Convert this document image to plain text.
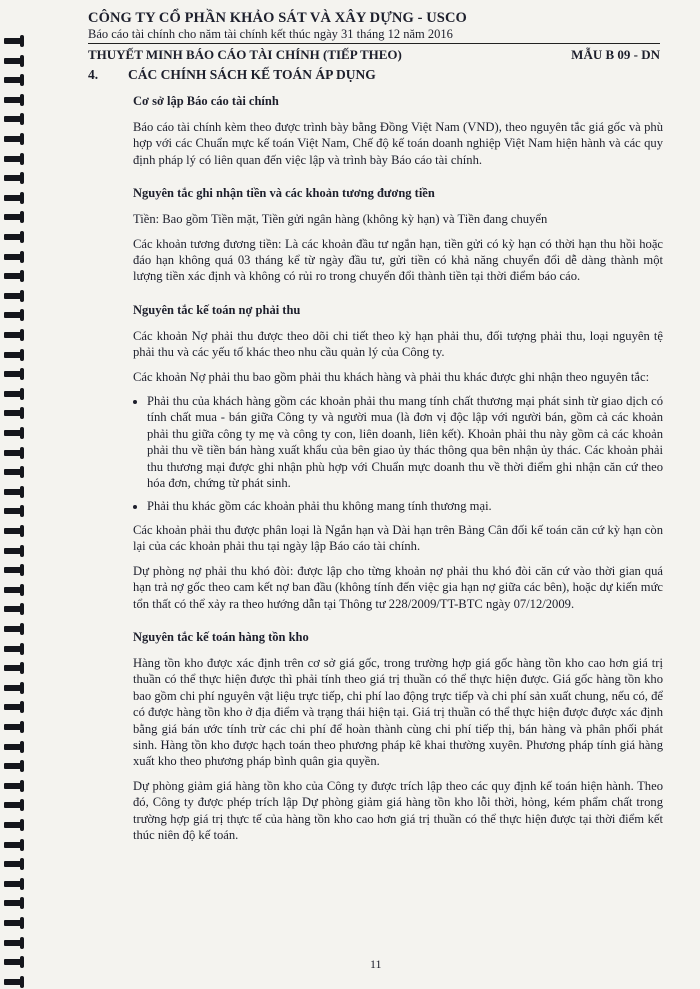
CÔNG TY CỔ PHẦN KHẢO SÁT VÀ XÂY DỰNG - USCO
Báo cáo tài chính cho năm tài chính kết thúc ngày 31 tháng 12 năm 2016
THUYẾT MINH BÁO CÁO TÀI CHÍNH (TIẾP THEO)	MẪU B 09 - DN
4.	CÁC CHÍNH SÁCH KẾ TOÁN ÁP DỤNG
Cơ sở lập Báo cáo tài chính

Báo cáo tài chính kèm theo được trình bày bằng Đồng Việt Nam (VND), theo nguyên tắc giá gốc và phù hợp với các Chuẩn mực kế toán Việt Nam, Chế độ kế toán doanh nghiệp Việt Nam hiện hành và các quy định pháp lý có liên quan đến việc lập và trình bày Báo cáo tài chính.

Nguyên tắc ghi nhận tiền và các khoản tương đương tiền

Tiền: Bao gồm Tiền mặt, Tiền gửi ngân hàng (không kỳ hạn) và Tiền đang chuyển

Các khoản tương đương tiền: Là các khoản đầu tư ngắn hạn, tiền gửi có kỳ hạn có thời hạn thu hồi hoặc đáo hạn không quá 03 tháng kể từ ngày đầu tư, gửi tiền có khả năng chuyển đổi dễ dàng thành một lượng tiền xác định và không có rủi ro trong chuyển đổi thành tiền tại thời điểm báo cáo.

Nguyên tắc kế toán nợ phải thu

Các khoản Nợ phải thu được theo dõi chi tiết theo kỳ hạn phải thu, đối tượng phải thu, loại nguyên tệ phải thu và các yếu tố khác theo nhu cầu quản lý của Công ty.

Các khoản Nợ phải thu bao gồm phải thu khách hàng và phải thu khác được ghi nhận theo nguyên tắc:

• Phải thu của khách hàng gồm các khoản phải thu mang tính chất thương mại phát sinh từ giao dịch có tính chất mua - bán giữa Công ty và người mua (là đơn vị độc lập với người bán, gồm cả các khoản phải thu giữa công ty mẹ và công ty con, liên doanh, liên kết). Khoản phải thu này gồm cả các khoản phải thu về tiền bán hàng xuất khẩu của bên giao ủy thác thông qua bên nhận ủy thác. Các khoản phải thu thương mại được ghi nhận phù hợp với Chuẩn mực doanh thu về thời điểm ghi nhận căn cứ theo hóa đơn, chứng từ phát sinh.
• Phải thu khác gồm các khoản phải thu không mang tính thương mại.

Các khoản phải thu được phân loại là Ngắn hạn và Dài hạn trên Bảng Cân đối kế toán căn cứ kỳ hạn còn lại của các khoản phải thu tại ngày lập Báo cáo tài chính.

Dự phòng nợ phải thu khó đòi: được lập cho từng khoản nợ phải thu khó đòi căn cứ vào thời gian quá hạn trả nợ gốc theo cam kết nợ ban đầu (không tính đến việc gia hạn nợ giữa các bên), hoặc dự kiến mức tổn thất có thể xảy ra theo hướng dẫn tại Thông tư 228/2009/TT-BTC ngày 07/12/2009.

Nguyên tắc kế toán hàng tồn kho

Hàng tồn kho được xác định trên cơ sở giá gốc, trong trường hợp giá gốc hàng tồn kho cao hơn giá trị thuần có thể thực hiện được thì phải tính theo giá trị thuần có thể thực hiện được. Giá gốc hàng tồn kho bao gồm chi phí nguyên vật liệu trực tiếp, chi phí lao động trực tiếp và chi phí sản xuất chung, nếu có, để có được hàng tồn kho ở địa điểm và trạng thái hiện tại. Giá trị thuần có thể thực hiện được được xác định bằng giá bán ước tính trừ các chi phí để hoàn thành cùng chi phí tiếp thị, bán hàng và phân phối phát sinh. Hàng tồn kho được hạch toán theo phương pháp kê khai thường xuyên. Phương pháp tính giá hàng xuất kho theo phương pháp bình quân gia quyền.

Dự phòng giảm giá hàng tồn kho của Công ty được trích lập theo các quy định kế toán hiện hành. Theo đó, Công ty được phép trích lập Dự phòng giảm giá hàng tồn kho lỗi thời, hỏng, kém phẩm chất trong trường hợp giá trị thực tế của hàng tồn kho cao hơn giá trị thuần có thể thực hiện được tại thời điểm kết thúc niên độ kế toán.

11
